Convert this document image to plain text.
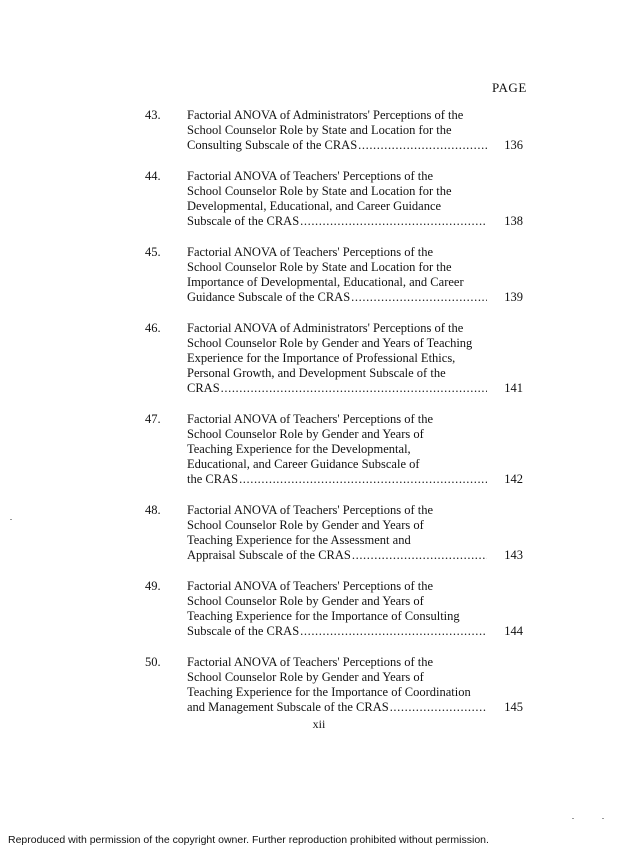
PAGE
43.	Factorial ANOVA of Administrators' Perceptions of the
School Counselor Role by State and Location for the
Consulting Subscale of the CRAS .....	136
44.	Factorial ANOVA of Teachers' Perceptions of the
School Counselor Role by State and Location for the
Developmental, Educational, and Career Guidance
Subscale of the CRAS .....	138
45.	Factorial ANOVA of Teachers' Perceptions of the
School Counselor Role by State and Location for the
Importance of Developmental, Educational, and Career
Guidance Subscale of the CRAS .....	139
46.	Factorial ANOVA of Administrators' Perceptions of the
School Counselor Role by Gender and Years of Teaching
Experience for the Importance of Professional Ethics,
Personal Growth, and Development Subscale of the
CRAS .....	141
47.	Factorial ANOVA of Teachers' Perceptions of the
School Counselor Role by Gender and Years of
Teaching Experience for the Developmental,
Educational, and Career Guidance Subscale of
the CRAS .....	142
48.	Factorial ANOVA of Teachers' Perceptions of the
School Counselor Role by Gender and Years of
Teaching Experience for the Assessment and
Appraisal Subscale of the CRAS .....	143
49.	Factorial ANOVA of Teachers' Perceptions of the
School Counselor Role by Gender and Years of
Teaching Experience for the Importance of Consulting
Subscale of the CRAS .....	144
50.	Factorial ANOVA of Teachers' Perceptions of the
School Counselor Role by Gender and Years of
Teaching Experience for the Importance of Coordination
and Management Subscale of the CRAS .....	145
xii
Reproduced with permission of the copyright owner. Further reproduction prohibited without permission.
